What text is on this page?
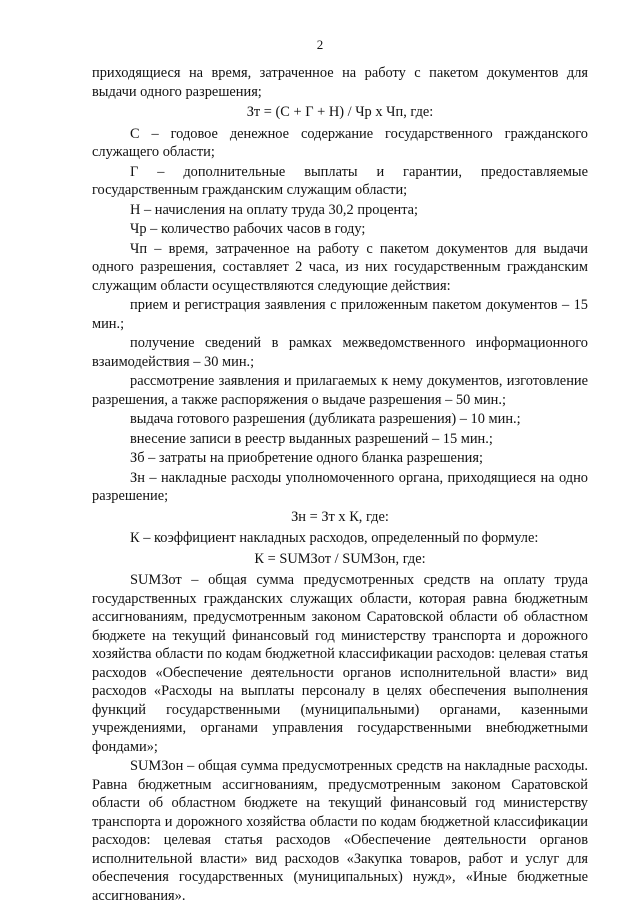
2

приходящиеся на время, затраченное на работу с пакетом документов для выдачи одного разрешения;

Зт = (С + Г + Н) / Чр х Чп, где:

С – годовое денежное содержание государственного гражданского служащего области;

Г – дополнительные выплаты и гарантии, предоставляемые государственным гражданским служащим области;

Н – начисления на оплату труда 30,2 процента;

Чр – количество рабочих часов в году;

Чп – время, затраченное на работу с пакетом документов для выдачи одного разрешения, составляет 2 часа, из них государственным гражданским служащим области осуществляются следующие действия:

прием и регистрация заявления с приложенным пакетом документов – 15 мин.;

получение сведений в рамках межведомственного информационного взаимодействия – 30 мин.;

рассмотрение заявления и прилагаемых к нему документов, изготовление разрешения, а также распоряжения о выдаче разрешения – 50 мин.;

выдача готового разрешения (дубликата разрешения) – 10 мин.;

внесение записи в реестр выданных разрешений – 15 мин.;

Зб – затраты на приобретение одного бланка разрешения;

Зн – накладные расходы уполномоченного органа, приходящиеся на одно разрешение;

Зн = Зт х К, где:

К – коэффициент накладных расходов, определенный по формуле:

К = SUMЗот / SUMЗон, где:

SUMЗот – общая сумма предусмотренных средств на оплату труда государственных гражданских служащих области, которая равна бюджетным ассигнованиям, предусмотренным законом Саратовской области об областном бюджете на текущий финансовый год министерству транспорта и дорожного хозяйства области по кодам бюджетной классификации расходов: целевая статья расходов «Обеспечение деятельности органов исполнительной власти» вид расходов «Расходы на выплаты персоналу в целях обеспечения выполнения функций государственными (муниципальными) органами, казенными учреждениями, органами управления государственными внебюджетными фондами»;

SUMЗон – общая сумма предусмотренных средств на накладные расходы. Равна бюджетным ассигнованиям, предусмотренным законом Саратовской области об областном бюджете на текущий финансовый год министерству транспорта и дорожного хозяйства области по кодам бюджетной классификации расходов: целевая статья расходов «Обеспечение деятельности органов исполнительной власти» вид расходов «Закупка товаров, работ и услуг для обеспечения государственных (муниципальных) нужд», «Иные бюджетные ассигнования».
